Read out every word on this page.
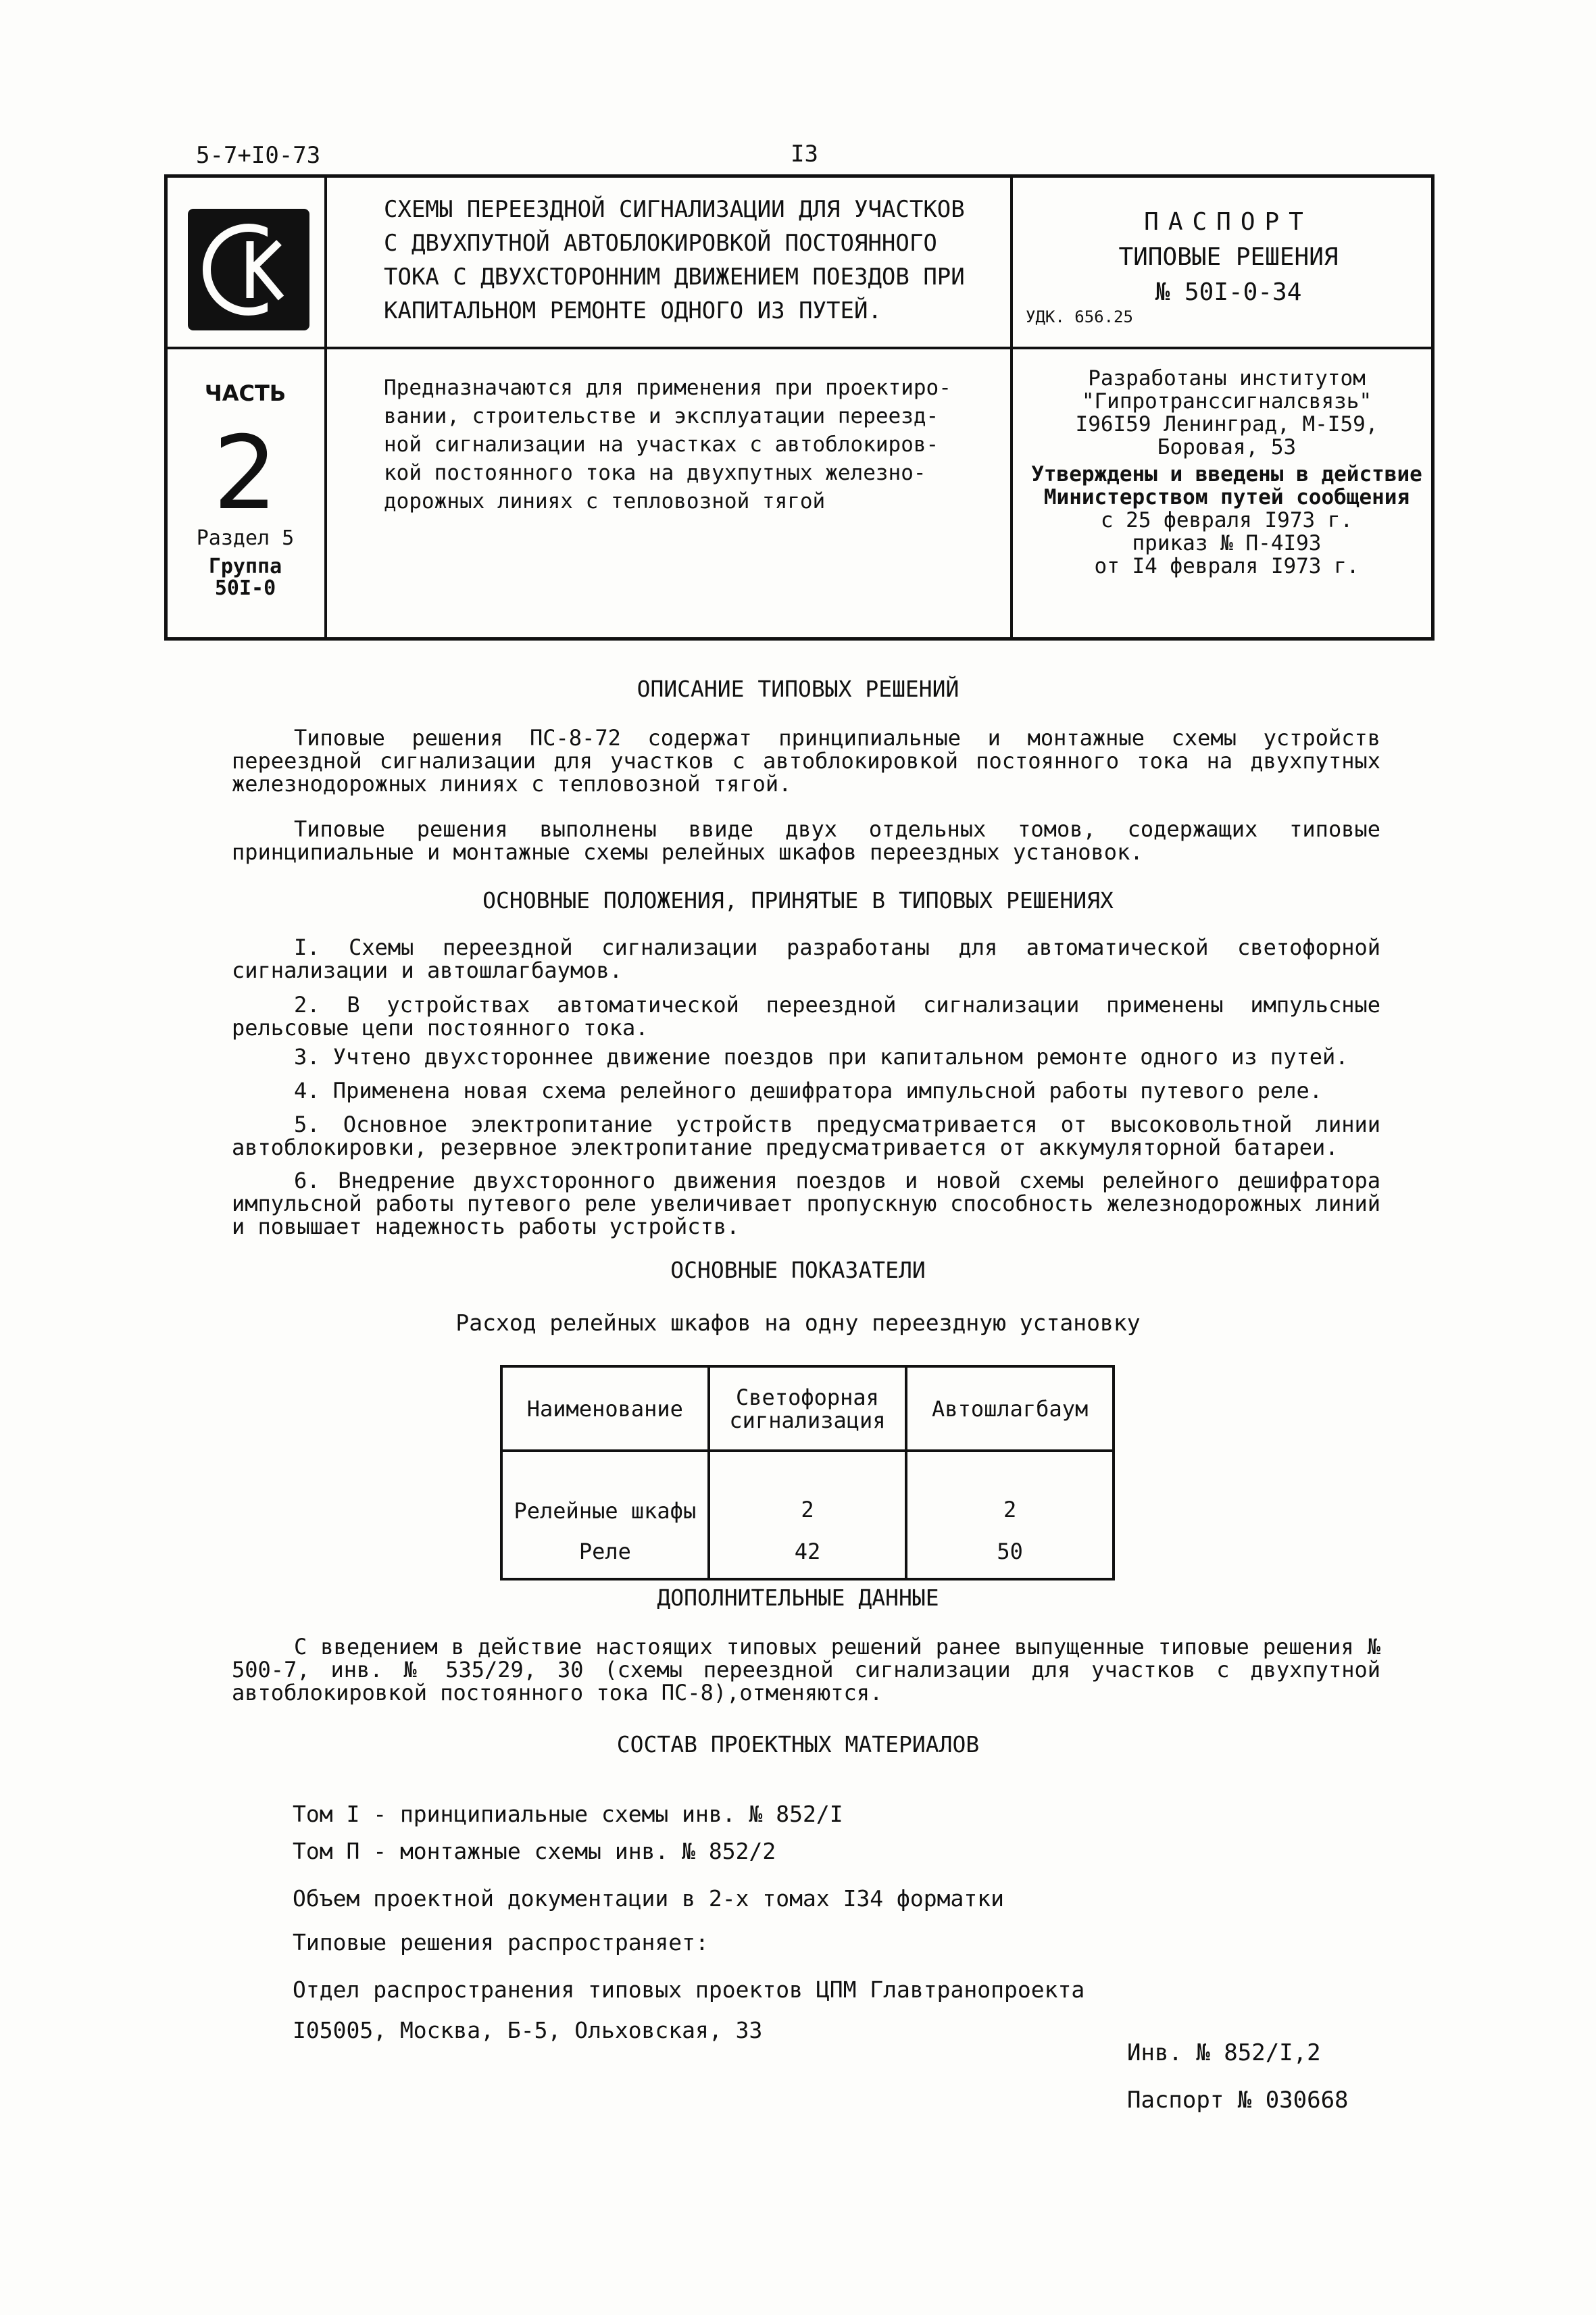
5-7+I0-73	I3
СХЕМЫ ПЕРЕЕЗДНОЙ СИГНАЛИЗАЦИИ ДЛЯ УЧАСТКОВ
С ДВУХПУТНОЙ АВТОБЛОКИРОВКОЙ ПОСТОЯННОГО
ТОКА С ДВУХСТОРОННИМ ДВИЖЕНИЕМ ПОЕЗДОВ ПРИ
КАПИТАЛЬНОМ РЕМОНТЕ ОДНОГО ИЗ ПУТЕЙ.
ПАСПОРТ
ТИПОВЫЕ РЕШЕНИЯ
№ 50I-0-34
УДК. 656.25
ЧАСТЬ
2
Раздел 5
Группа
50I-0
Предназначаются для применения при проектиро-
вании, строительстве и эксплуатации переезд-
ной сигнализации на участках с автоблокиров-
кой постоянного тока на двухпутных железно-
дорожных линиях с тепловозной тягой
Разработаны институтом
"Гипротранссигналсвязь"
I96I59 Ленинград, М-I59,
Боровая, 53
Утверждены и введены в действие
Министерством путей сообщения
с 25 февраля I973 г.
приказ № П-4I93
от I4 февраля I973 г.
ОПИСАНИЕ ТИПОВЫХ РЕШЕНИЙ
Типовые решения ПС-8-72 содержат принципиальные и монтажные схемы устройств переездной сигнализации для участков с автоблокировкой постоянного тока на двухпутных железнодорожных линиях с тепловозной тягой.
Типовые решения выполнены ввиде двух отдельных томов, содержащих типовые принципиальные и монтажные схемы релейных шкафов переездных установок.
ОСНОВНЫЕ ПОЛОЖЕНИЯ, ПРИНЯТЫЕ В ТИПОВЫХ РЕШЕНИЯХ
I. Схемы переездной сигнализации разработаны для автоматической светофорной сигнализации и автошлагбаумов.
2. В устройствах автоматической переездной сигнализации применены импульсные рельсовые цепи постоянного тока.
3. Учтено двухстороннее движение поездов при капитальном ремонте одного из путей.
4. Применена новая схема релейного дешифратора импульсной работы путевого реле.
5. Основное электропитание устройств предусматривается от высоковольтной линии автоблокировки, резервное электропитание предусматривается от аккумуляторной батареи.
6. Внедрение двухсторонного движения поездов и новой схемы релейного дешифратора импульсной работы путевого реле увеличивает пропускную способность железнодорожных линий и повышает надежность работы устройств.
ОСНОВНЫЕ ПОКАЗАТЕЛИ
Расход релейных шкафов на одну переездную установку
Наименование	Светофорная сигнализация	Автошлагбаум
Релейные шкафы	2	2
Реле	42	50
ДОПОЛНИТЕЛЬНЫЕ ДАННЫЕ
С введением в действие настоящих типовых решений ранее выпущенные типовые решения № 500-7, инв. № 535/29, 30 (схемы переездной сигнализации для участков с двухпутной автоблокировкой постоянного тока ПС-8),отменяются.
СОСТАВ ПРОЕКТНЫХ МАТЕРИАЛОВ
Том I - принципиальные схемы инв. № 852/I
Том П - монтажные схемы инв. № 852/2
Объем проектной документации в 2-х томах I34 форматки
Типовые решения распространяет:
Отдел распространения типовых проектов ЦПМ Главтранопроекта
I05005, Москва, Б-5, Ольховская, 33
Инв. № 852/I,2
Паспорт № 030668
